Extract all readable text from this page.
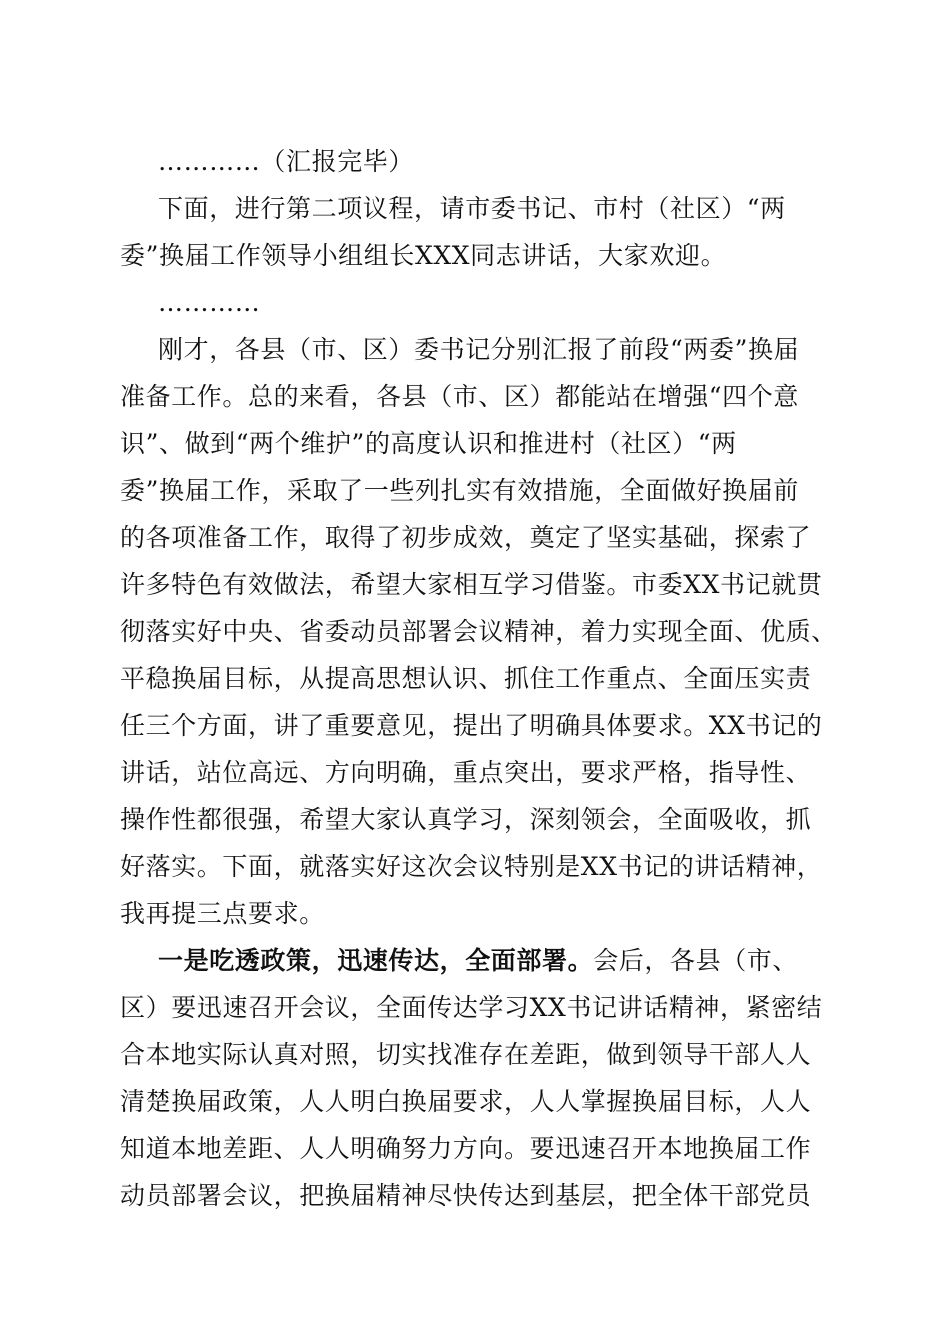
…………（汇报完毕）
下面，进行第二项议程，请市委书记、市村（社区）“两
委”换届工作领导小组组长XXX同志讲话，大家欢迎。
…………
刚才，各县（市、区）委书记分别汇报了前段“两委”换届
准备工作。总的来看，各县（市、区）都能站在增强“四个意
识”、做到“两个维护”的高度认识和推进村（社区）“两
委”换届工作，采取了一些列扎实有效措施，全面做好换届前
的各项准备工作，取得了初步成效，奠定了坚实基础，探索了
许多特色有效做法，希望大家相互学习借鉴。市委XX书记就贯
彻落实好中央、省委动员部署会议精神，着力实现全面、优质、
平稳换届目标，从提高思想认识、抓住工作重点、全面压实责
任三个方面，讲了重要意见，提出了明确具体要求。XX书记的
讲话，站位高远、方向明确，重点突出，要求严格，指导性、
操作性都很强，希望大家认真学习，深刻领会，全面吸收，抓
好落实。下面，就落实好这次会议特别是XX书记的讲话精神，
我再提三点要求。
一是吃透政策，迅速传达，全面部署。会后，各县（市、
区）要迅速召开会议，全面传达学习XX书记讲话精神，紧密结
合本地实际认真对照，切实找准存在差距，做到领导干部人人
清楚换届政策，人人明白换届要求，人人掌握换届目标，人人
知道本地差距、人人明确努力方向。要迅速召开本地换届工作
动员部署会议，把换届精神尽快传达到基层，把全体干部党员
